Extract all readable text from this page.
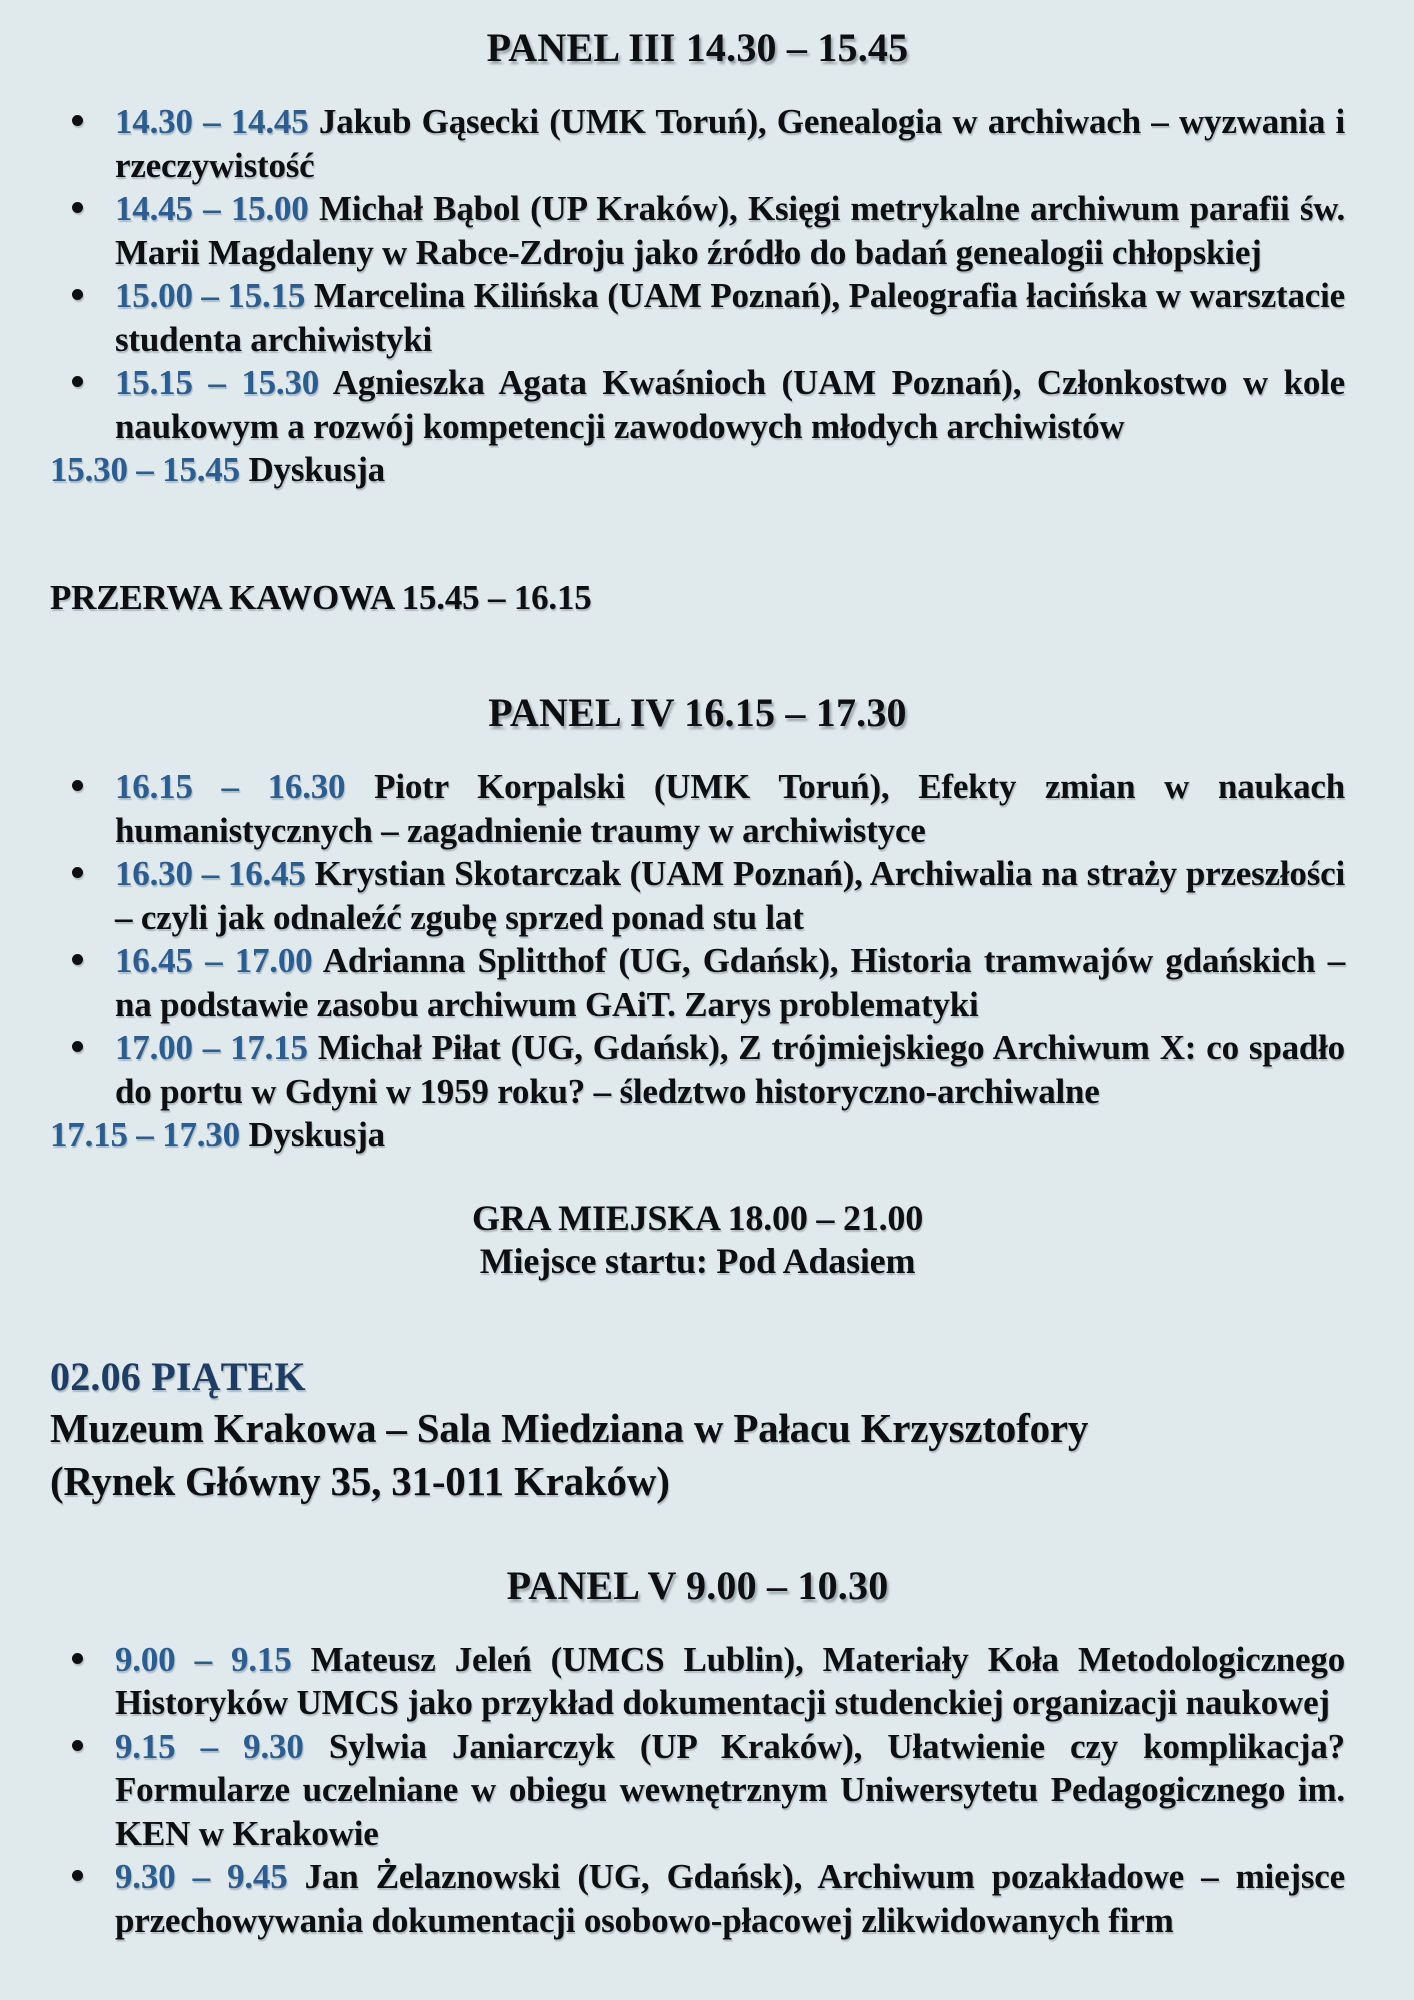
PANEL III 14.30 – 15.45
14.30 – 14.45 Jakub Gąsecki (UMK Toruń), Genealogia w archiwach – wyzwania i rzeczywistość
14.45 – 15.00 Michał Bąbol (UP Kraków), Księgi metrykalne archiwum parafii św. Marii Magdaleny w Rabce-Zdroju jako źródło do badań genealogii chłopskiej
15.00 – 15.15 Marcelina Kilińska (UAM Poznań), Paleografia łacińska w warsztacie studenta archiwistyki
15.15 – 15.30 Agnieszka Agata Kwaśnioch (UAM Poznań), Członkostwo w kole naukowym a rozwój kompetencji zawodowych młodych archiwistów
15.30 – 15.45 Dyskusja
PRZERWA KAWOWA 15.45 – 16.15
PANEL IV 16.15 – 17.30
16.15 – 16.30 Piotr Korpalski (UMK Toruń), Efekty zmian w naukach humanistycznych – zagadnienie traumy w archiwistyce
16.30 – 16.45 Krystian Skotarczak (UAM Poznań), Archiwalia na straży przeszłości – czyli jak odnaleźć zgubę sprzed ponad stu lat
16.45 – 17.00 Adrianna Splitthof (UG, Gdańsk), Historia tramwajów gdańskich – na podstawie zasobu archiwum GAiT. Zarys problematyki
17.00 – 17.15 Michał Piłat (UG, Gdańsk), Z trójmiejskiego Archiwum X: co spadło do portu w Gdyni w 1959 roku? – śledztwo historyczno-archiwalne
17.15 – 17.30 Dyskusja
GRA MIEJSKA 18.00 – 21.00
Miejsce startu: Pod Adasiem
02.06 PIĄTEK
Muzeum Krakowa – Sala Miedziana w Pałacu Krzysztofory
(Rynek Główny 35, 31-011 Kraków)
PANEL V 9.00 – 10.30
9.00 – 9.15 Mateusz Jeleń (UMCS Lublin), Materiały Koła Metodologicznego Historyków UMCS jako przykład dokumentacji studenckiej organizacji naukowej
9.15 – 9.30 Sylwia Janiarczyk (UP Kraków), Ułatwienie czy komplikacja? Formularze uczelniane w obiegu wewnętrznym Uniwersytetu Pedagogicznego im. KEN w Krakowie
9.30 – 9.45 Jan Żelaznowski (UG, Gdańsk), Archiwum pozakładowe – miejsce przechowywania dokumentacji osobowo-płacowej zlikwidowanych firm
